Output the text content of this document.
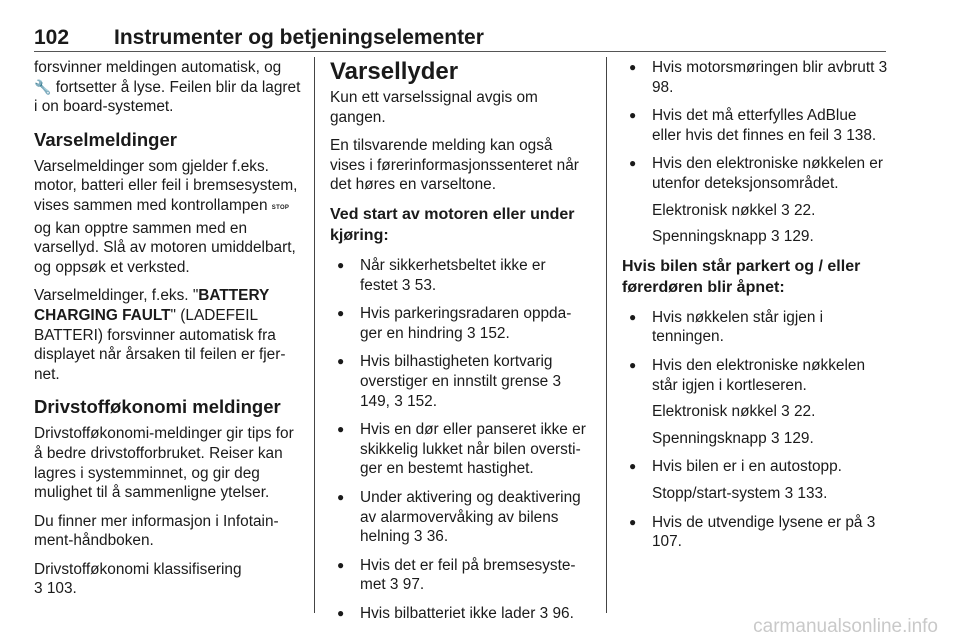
102 Instrumenter og betjeningselementer

forsvinner meldingen automatisk, og
🔧 fortsetter å lyse. Feilen blir da lagret i on board-systemet.

Varselmeldinger

Varselmeldinger som gjelder f.eks. motor, batteri eller feil i bremsesystem, vises sammen med kontrollampen STOP og kan opptre sammen med en varsellyd. Slå av motoren umiddelbart, og oppsøk et verksted.

Varselmeldinger, f.eks. "BATTERY CHARGING FAULT" (LADEFEIL BATTERI) forsvinner automatisk fra displayet når årsaken til feilen er fjernet.

Drivstofføkonomi meldinger

Drivstofføkonomi-meldinger gir tips for å bedre drivstofforbruket. Reiser kan lagres i systemminnet, og gir deg mulighet til å sammenligne ytelser.

Du finner mer informasjon i Infotainment-håndboken.

Drivstofføkonomi klassifisering
3 103.

Varsellyder

Kun ett varselssignal avgis om gangen.

En tilsvarende melding kan også vises i førerinformasjonssenteret når det høres en varseltone.

Ved start av motoren eller under kjøring:
● Når sikkerhetsbeltet ikke er festet 3 53.
● Hvis parkeringsradaren oppdager en hindring 3 152.
● Hvis bilhastigheten kortvarig overstiger en innstilt grense 3 149, 3 152.
● Hvis en dør eller panseret ikke er skikkelig lukket når bilen overstiger en bestemt hastighet.
● Under aktivering og deaktivering av alarmovervåking av bilens helning 3 36.
● Hvis det er feil på bremsesystemet 3 97.
● Hvis bilbatteriet ikke lader 3 96.
● Hvis motorsmøringen blir avbrutt 3 98.
● Hvis det må etterfylles AdBlue eller hvis det finnes en feil 3 138.
● Hvis den elektroniske nøkkelen er utenfor deteksjonsområdet.

Elektronisk nøkkel 3 22.

Spenningsknapp 3 129.

Hvis bilen står parkert og / eller førerdøren blir åpnet:
● Hvis nøkkelen står igjen i tenningen.
● Hvis den elektroniske nøkkelen står igjen i kortleseren.

Elektronisk nøkkel 3 22.

Spenningsknapp 3 129.

● Hvis bilen er i en autostopp.

Stopp/start-system 3 133.

● Hvis de utvendige lysene er på 3 107.
carmanualsonline.info
